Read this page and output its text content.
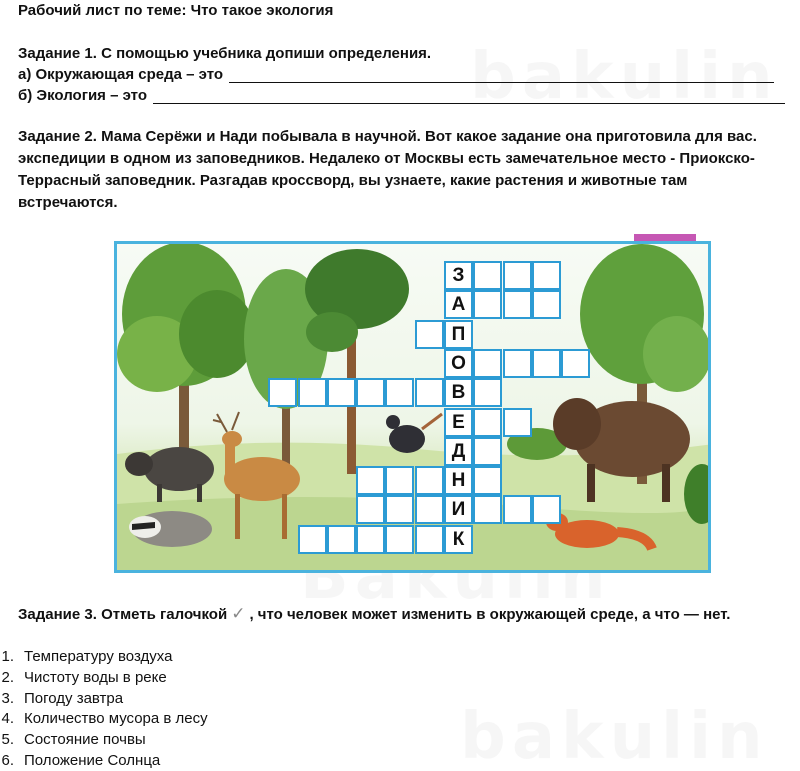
Рабочий лист по теме: Что такое экология
Задание 1. С помощью учебника допиши определения.
а) Окружающая среда – это
б) Экология – это
Задание 2. Мама Серёжи и Нади побывала в научной. Вот какое задание она приготовила для вас.
экспедиции в одном из заповедников. Недалеко от Москвы есть замечательное место - Приокско-
Террасный заповедник. Разгадав кроссворд, вы узнаете, какие растения и животные там
встречаются.
З
А
П
О
В
Е
Д
Н
И
К
Задание 3. Отметь галочкой ✓ , что человек может изменить в окружающей среде, а что — нет.
1. Температуру воздуха
2. Чистоту воды в реке
3. Погоду завтра
4. Количество мусора в лесу
5. Состояние почвы
6. Положение Солнца
